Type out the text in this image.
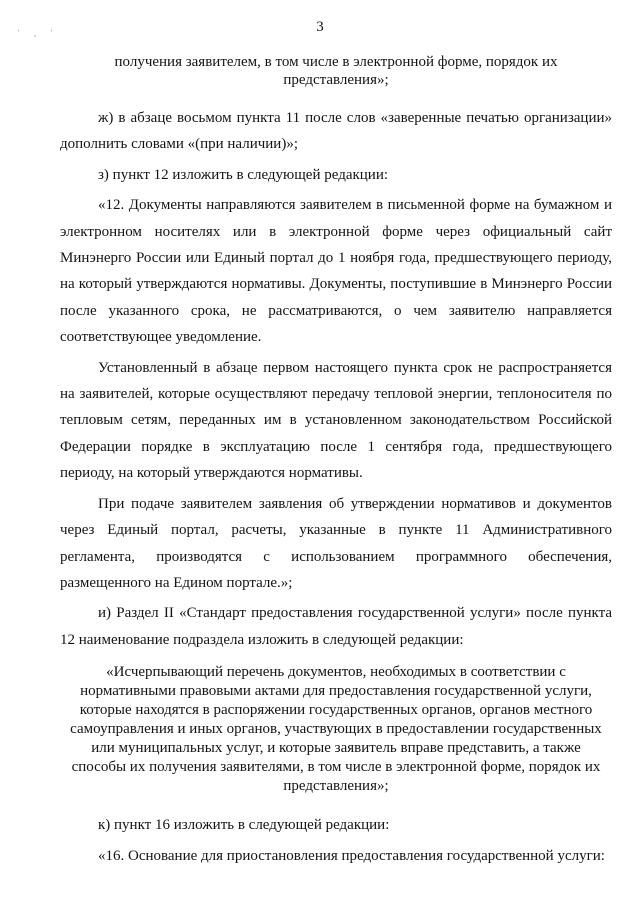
' , '	3
получения заявителем, в том числе в электронной форме, порядок их
представления»;

ж) в абзаце восьмом пункта 11 после слов «заверенные печатью организации» дополнить словами «(при наличии)»;

з) пункт 12 изложить в следующей редакции:

«12. Документы направляются заявителем в письменной форме на бумажном и электронном носителях или в электронной форме через официальный сайт Минэнерго России или Единый портал до 1 ноября года, предшествующего периоду, на который утверждаются нормативы. Документы, поступившие в Минэнерго России после указанного срока, не рассматриваются, о чем заявителю направляется соответствующее уведомление.

Установленный в абзаце первом настоящего пункта срок не распространяется на заявителей, которые осуществляют передачу тепловой энергии, теплоносителя по тепловым сетям, переданных им в установленном законодательством Российской Федерации порядке в эксплуатацию после 1 сентября года, предшествующего периоду, на который утверждаются нормативы.

При подаче заявителем заявления об утверждении нормативов и документов через Единый портал, расчеты, указанные в пункте 11 Административного регламента, производятся с использованием программного обеспечения, размещенного на Едином портале.»;

и) Раздел II «Стандарт предоставления государственной услуги» после пункта 12 наименование подраздела изложить в следующей редакции:

«Исчерпывающий перечень документов, необходимых в соответствии с
нормативными правовыми актами для предоставления государственной услуги,
которые находятся в распоряжении государственных органов, органов местного
самоуправления и иных органов, участвующих в предоставлении государственных
или муниципальных услуг, и которые заявитель вправе представить, а также
способы их получения заявителями, в том числе в электронной форме, порядок их
представления»;

к) пункт 16 изложить в следующей редакции:

«16. Основание для приостановления предоставления государственной услуги:
